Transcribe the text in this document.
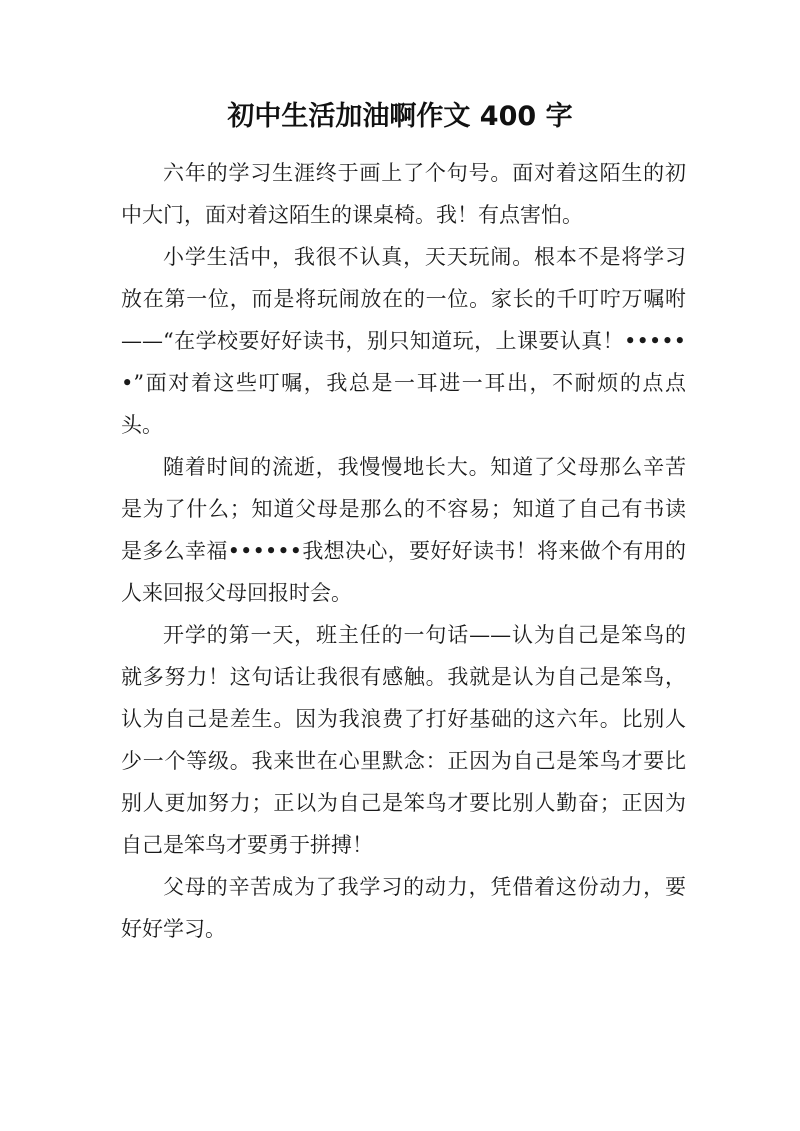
初中生活加油啊作文 400 字

六年的学习生涯终于画上了个句号。面对着这陌生的初中大门，面对着这陌生的课桌椅。我！有点害怕。

小学生活中，我很不认真，天天玩闹。根本不是将学习放在第一位，而是将玩闹放在的一位。家长的千叮咛万嘱咐——“在学校要好好读书，别只知道玩，上课要认真！••••••”面对着这些叮嘱，我总是一耳进一耳出，不耐烦的点点头。

随着时间的流逝，我慢慢地长大。知道了父母那么辛苦是为了什么；知道父母是那么的不容易；知道了自己有书读是多么幸福••••••我想决心，要好好读书！将来做个有用的人来回报父母回报时会。

开学的第一天，班主任的一句话——认为自己是笨鸟的就多努力！这句话让我很有感触。我就是认为自己是笨鸟，认为自己是差生。因为我浪费了打好基础的这六年。比别人少一个等级。我来世在心里默念：正因为自己是笨鸟才要比别人更加努力；正以为自己是笨鸟才要比别人勤奋；正因为自己是笨鸟才要勇于拼搏！

父母的辛苦成为了我学习的动力，凭借着这份动力，要好好学习。
